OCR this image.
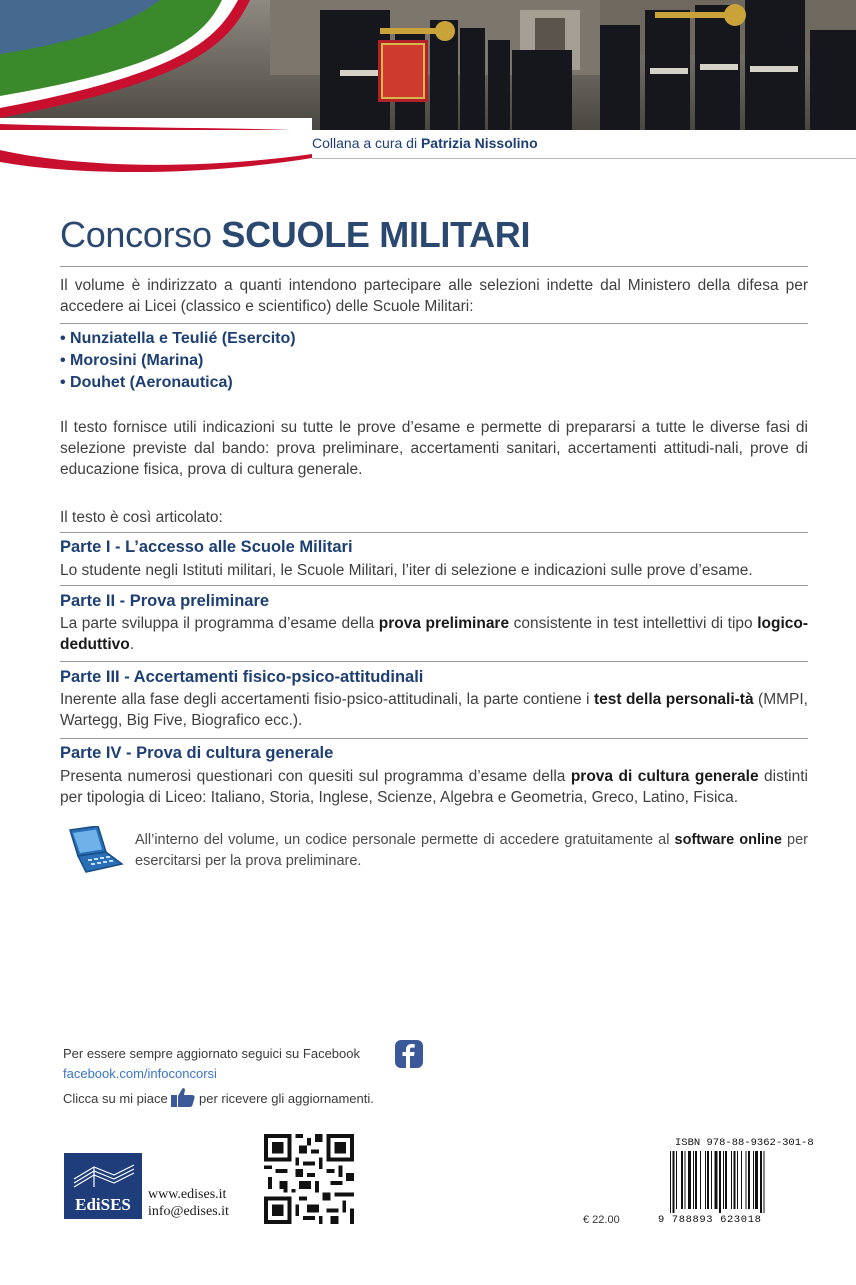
Collana a cura di Patrizia Nissolino
Concorso SCUOLE MILITARI
Il volume è indirizzato a quanti intendono partecipare alle selezioni indette dal Ministero della difesa per accedere ai Licei (classico e scientifico) delle Scuole Militari:
• Nunziatella e Teulié (Esercito)
• Morosini (Marina)
• Douhet (Aeronautica)
Il testo fornisce utili indicazioni su tutte le prove d’esame e permette di prepararsi a tutte le diverse fasi di selezione previste dal bando: prova preliminare, accertamenti sanitari, accertamenti attitudi-nali, prove di educazione fisica, prova di cultura generale.
Il testo è così articolato:
Parte I - L’accesso alle Scuole Militari
Lo studente negli Istituti militari, le Scuole Militari, l’iter di selezione e indicazioni sulle prove d’esame.
Parte II - Prova preliminare
La parte sviluppa il programma d’esame della prova preliminare consistente in test intellettivi di tipo logico-deduttivo.
Parte III - Accertamenti fisico-psico-attitudinali
Inerente alla fase degli accertamenti fisio-psico-attitudinali, la parte contiene i test della personali-tà (MMPI, Wartegg, Big Five, Biografico ecc.).
Parte IV - Prova di cultura generale
Presenta numerosi questionari con quesiti sul programma d’esame della prova di cultura generale distinti per tipologia di Liceo: Italiano, Storia, Inglese, Scienze, Algebra e Geometria, Greco, Latino, Fisica.
All’interno del volume, un codice personale permette di accedere gratuitamente al software online per esercitarsi per la prova preliminare.
Per essere sempre aggiornato seguici su Facebook
facebook.com/infoconcorsi
Clicca su mi piace per ricevere gli aggiornamenti.
EdiSES
www.edises.it
info@edises.it
ISBN 978-88-9362-301-8
€ 22.00	9 788893 623018
